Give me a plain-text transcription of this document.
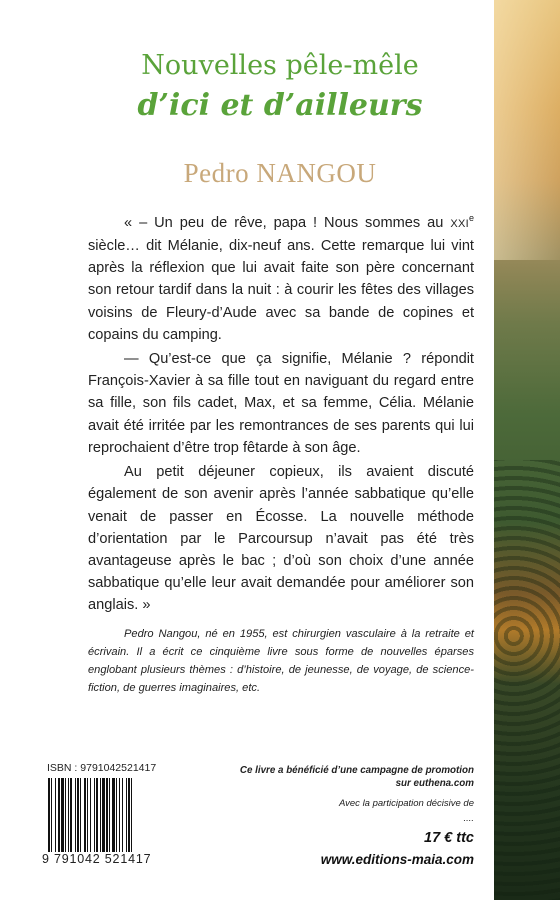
Nouvelles pêle-mêle
d’ici et d’ailleurs
Pedro NANGOU

« – Un peu de rêve, papa ! Nous sommes au XXIe siècle… dit Mélanie, dix-neuf ans. Cette remarque lui vint après la réflexion que lui avait faite son père concernant son retour tardif dans la nuit : à courir les fêtes des villages voisins de Fleury-d’Aude avec sa bande de copines et copains du camping.

— Qu’est-ce que ça signifie, Mélanie ? répondit François-Xavier à sa fille tout en naviguant du regard entre sa fille, son fils cadet, Max, et sa femme, Célia. Mélanie avait été irritée par les remontrances de ses parents qui lui reprochaient d’être trop fêtarde à son âge.

Au petit déjeuner copieux, ils avaient discuté également de son avenir après l’année sabbatique qu’elle venait de passer en Écosse. La nouvelle méthode d’orientation par le Parcoursup n’avait pas été très avantageuse après le bac ; d’où son choix d’une année sabbatique qu’elle leur avait demandée pour améliorer son anglais. »

Pedro Nangou, né en 1955, est chirurgien vasculaire à la retraite et écrivain. Il a écrit ce cinquième livre sous forme de nouvelles éparses englobant plusieurs thèmes : d’histoire, de jeunesse, de voyage, de science-fiction, de guerres imaginaires, etc.
ISBN : 9791042521417
9 791042 521417
Ce livre a bénéficié d’une campagne de promotion
sur euthena.com
Avec la participation décisive de
....
17 € ttc
www.editions-maia.com
